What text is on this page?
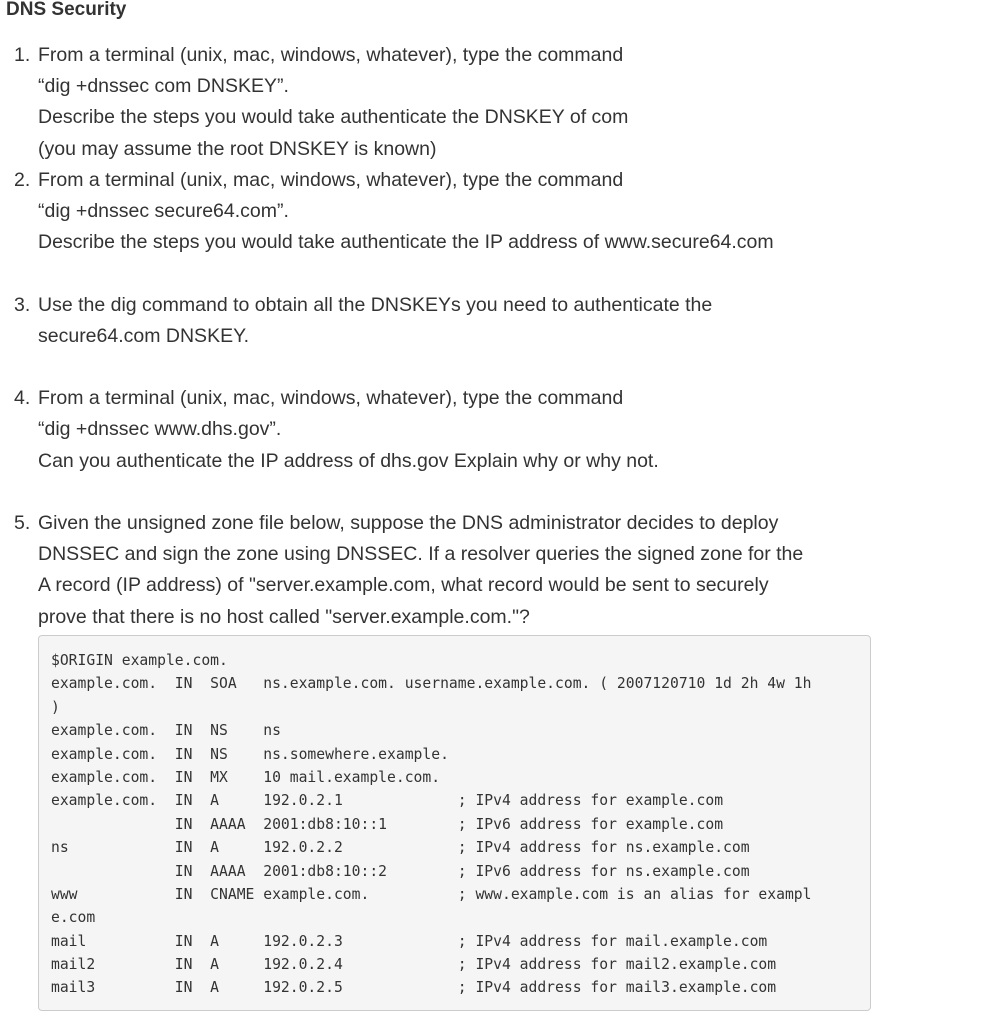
DNS Security
1. From a terminal (unix, mac, windows, whatever), type the command
“dig +dnssec com DNSKEY”.
Describe the steps you would take authenticate the DNSKEY of com
(you may assume the root DNSKEY is known)
2. From a terminal (unix, mac, windows, whatever), type the command
“dig +dnssec secure64.com”.
Describe the steps you would take authenticate the IP address of www.secure64.com
3. Use the dig command to obtain all the DNSKEYs you need to authenticate the
secure64.com DNSKEY.
4. From a terminal (unix, mac, windows, whatever), type the command
“dig +dnssec www.dhs.gov”.
Can you authenticate the IP address of dhs.gov Explain why or why not.
5. Given the unsigned zone file below, suppose the DNS administrator decides to deploy
DNSSEC and sign the zone using DNSSEC. If a resolver queries the signed zone for the
A record (IP address) of "server.example.com, what record would be sent to securely
prove that there is no host called "server.example.com."?
$ORIGIN example.com.
example.com.  IN  SOA   ns.example.com. username.example.com. ( 2007120710 1d 2h 4w 1h
)
example.com.  IN  NS    ns
example.com.  IN  NS    ns.somewhere.example.
example.com.  IN  MX    10 mail.example.com.
example.com.  IN  A     192.0.2.1             ; IPv4 address for example.com
IN  AAAA  2001:db8:10::1        ; IPv6 address for example.com
ns            IN  A     192.0.2.2             ; IPv4 address for ns.example.com
IN  AAAA  2001:db8:10::2        ; IPv6 address for ns.example.com
www           IN  CNAME example.com.          ; www.example.com is an alias for exampl
e.com
mail          IN  A     192.0.2.3             ; IPv4 address for mail.example.com
mail2         IN  A     192.0.2.4             ; IPv4 address for mail2.example.com
mail3         IN  A     192.0.2.5             ; IPv4 address for mail3.example.com
